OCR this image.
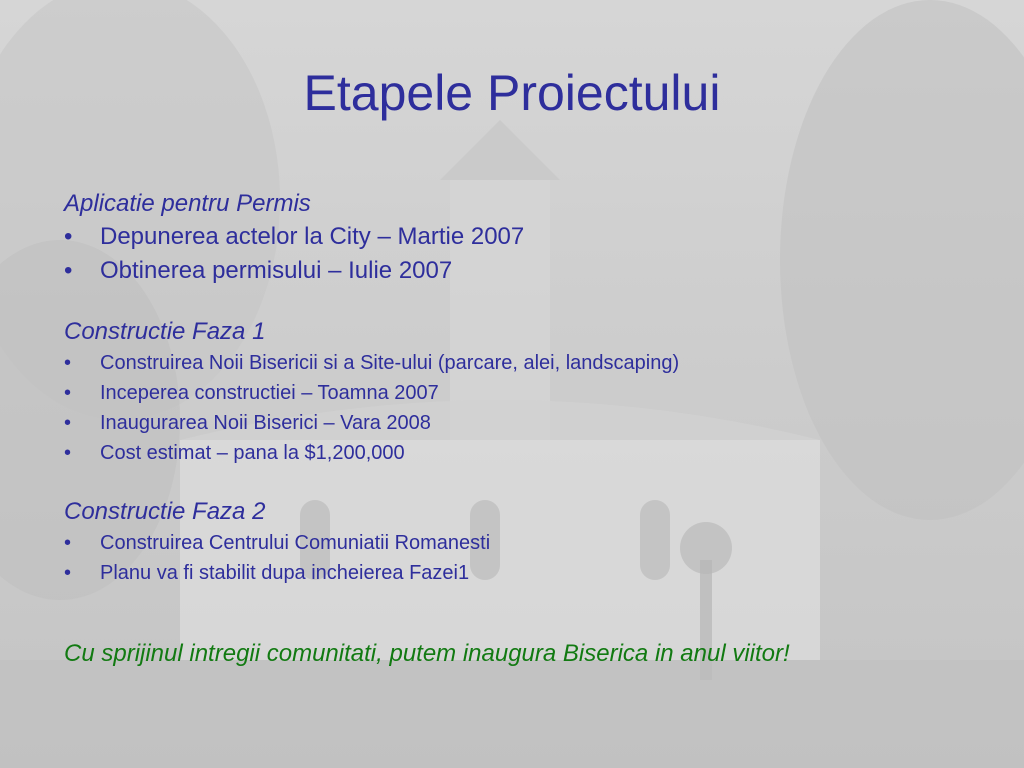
Etapele Proiectului
Aplicatie pentru Permis
•	Depunerea actelor la City – Martie 2007
•	Obtinerea permisului – Iulie 2007
Constructie Faza 1
•	Construirea Noii Bisericii si a Site-ului (parcare, alei, landscaping)
•	Inceperea constructiei – Toamna 2007
•	Inaugurarea Noii Biserici – Vara 2008
•	Cost estimat – pana la $1,200,000
Constructie Faza 2
•	Construirea Centrului Comuniatii Romanesti
•	Planu va fi stabilit dupa incheierea Fazei1
Cu sprijinul intregii comunitati, putem inaugura Biserica in anul viitor!
